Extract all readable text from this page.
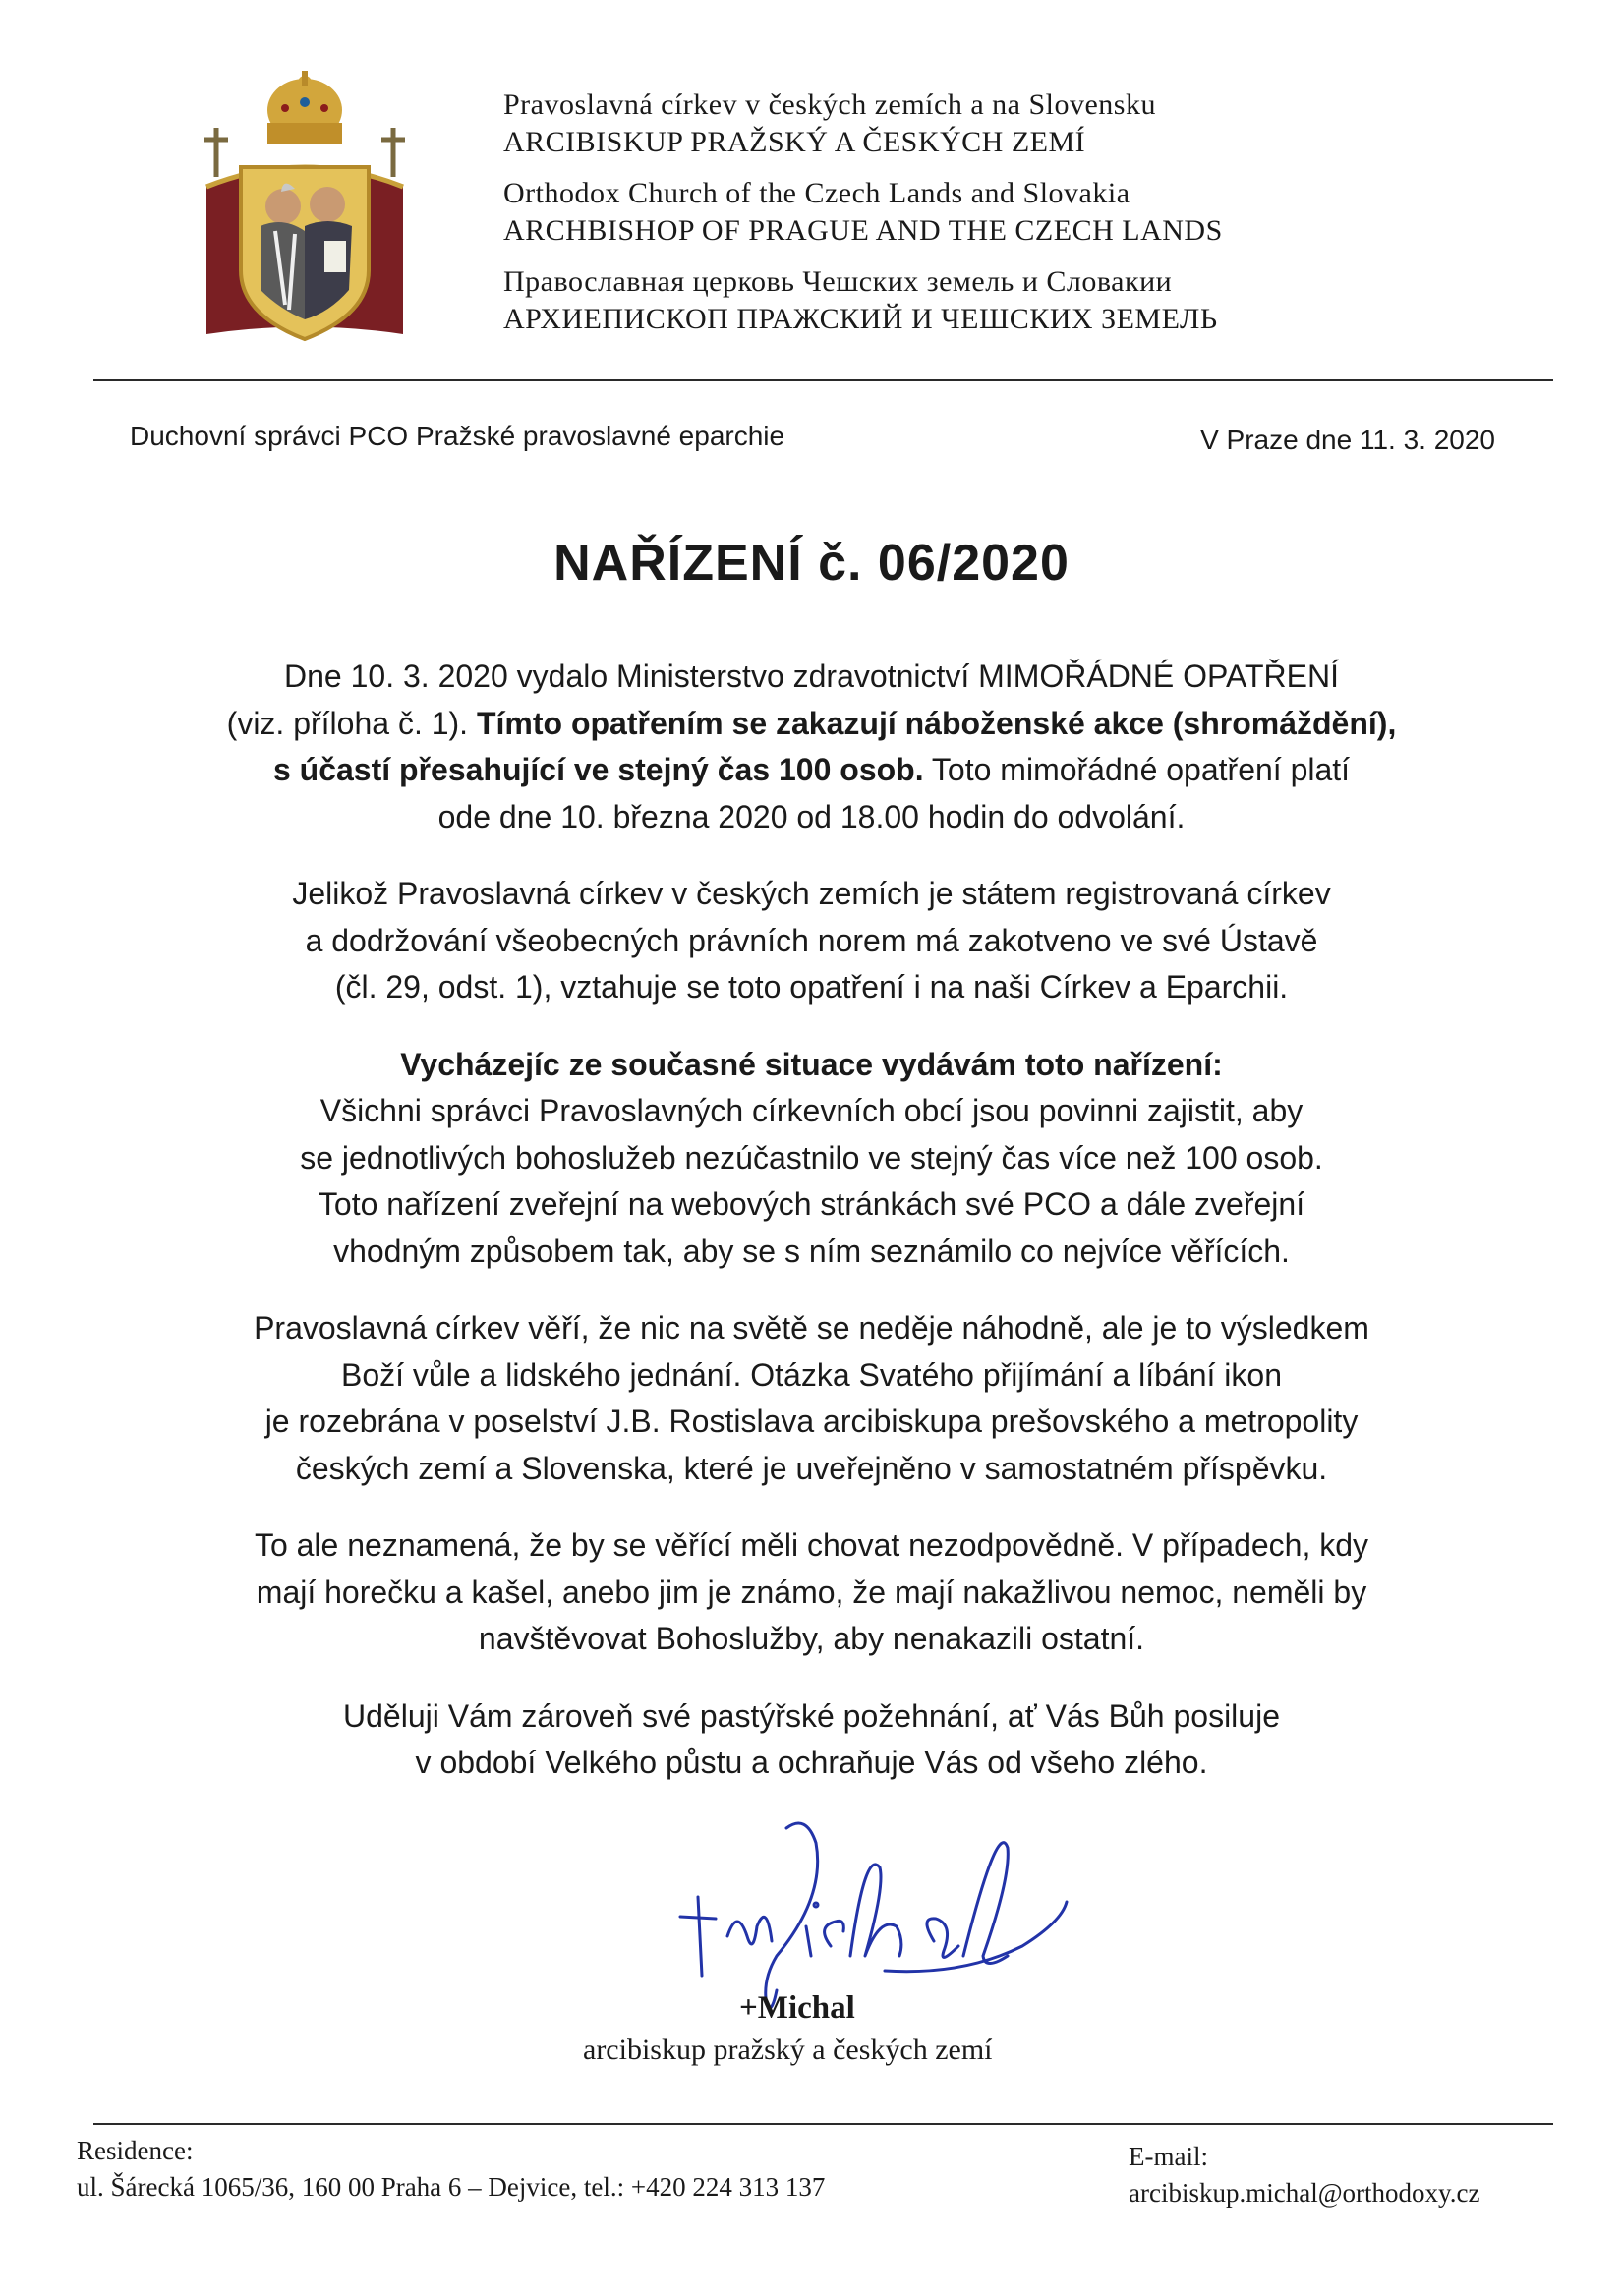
Pravoslavná církev v českých zemích a na Slovensku
ARCIBISKUP PRAŽSKÝ A ČESKÝCH ZEMÍ
Orthodox Church of the Czech Lands and Slovakia
ARCHBISHOP OF PRAGUE AND THE CZECH LANDS
Православная церковь Чешских земель и Словакии
АРХИЕПИСКОП ПРАЖСКИЙ И ЧЕШСКИХ ЗЕМЕЛЬ
Duchovní správci PCO Pražské pravoslavné eparchie	V Praze dne 11. 3. 2020
NAŘÍZENÍ č. 06/2020
Dne 10. 3. 2020 vydalo Ministerstvo zdravotnictví MIMOŘÁDNÉ OPATŘENÍ
(viz. příloha č. 1). Tímto opatřením se zakazují náboženské akce (shromáždění),
s účastí přesahující ve stejný čas 100 osob. Toto mimořádné opatření platí
ode dne 10. března 2020 od 18.00 hodin do odvolání.
Jelikož Pravoslavná církev v českých zemích je státem registrovaná církev
a dodržování všeobecných právních norem má zakotveno ve své Ústavě
(čl. 29, odst. 1), vztahuje se toto opatření i na naši Církev a Eparchii.
Vycházejíc ze současné situace vydávám toto nařízení:
Všichni správci Pravoslavných církevních obcí jsou povinni zajistit, aby
se jednotlivých bohoslužeb nezúčastnilo ve stejný čas více než 100 osob.
Toto nařízení zveřejní na webových stránkách své PCO a dále zveřejní
vhodným způsobem tak, aby se s ním seznámilo co nejvíce věřících.
Pravoslavná církev věří, že nic na světě se neděje náhodně, ale je to výsledkem
Boží vůle a lidského jednání. Otázka Svatého přijímání a líbání ikon
je rozebrána v poselství J.B. Rostislava arcibiskupa prešovského a metropolity
českých zemí a Slovenska, které je uveřejněno v samostatném příspěvku.
To ale neznamená, že by se věřící měli chovat nezodpovědně. V případech, kdy
mají horečku a kašel, anebo jim je známo, že mají nakažlivou nemoc, neměli by
navštěvovat Bohoslužby, aby nenakazili ostatní.
Uděluji Vám zároveň své pastýřské požehnání, ať Vás Bůh posiluje
v období Velkého půstu a ochraňuje Vás od všeho zlého.
+Michal
arcibiskup pražský a českých zemí
Residence:
ul. Šárecká 1065/36, 160 00 Praha 6 – Dejvice, tel.: +420 224 313 137
E-mail:
arcibiskup.michal@orthodoxy.cz
